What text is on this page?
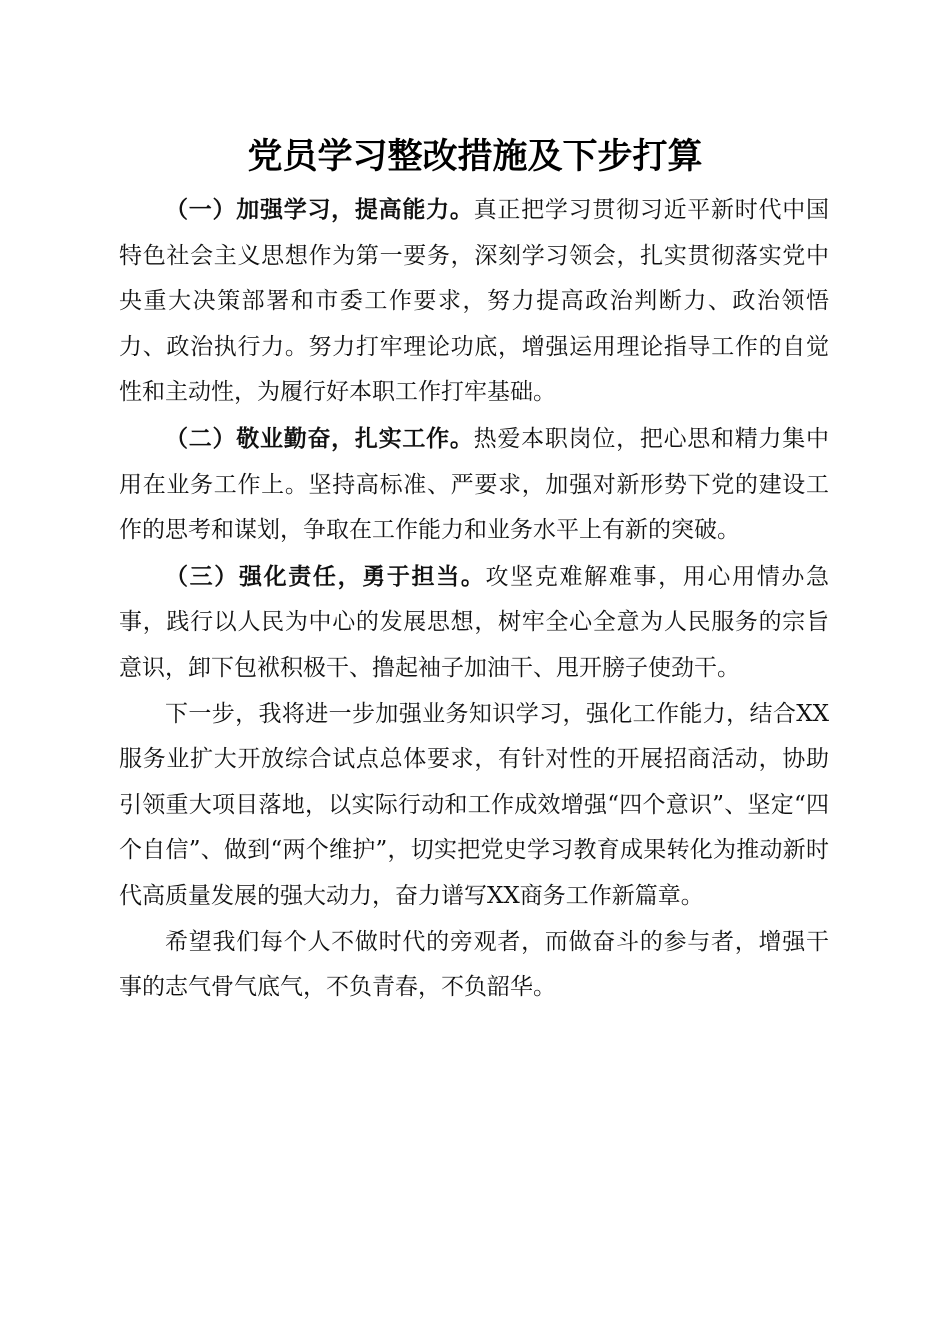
党员学习整改措施及下步打算

（一）加强学习，提高能力。真正把学习贯彻习近平新时代中国特色社会主义思想作为第一要务，深刻学习领会，扎实贯彻落实党中央重大决策部署和市委工作要求，努力提高政治判断力、政治领悟力、政治执行力。努力打牢理论功底，增强运用理论指导工作的自觉性和主动性，为履行好本职工作打牢基础。

（二）敬业勤奋，扎实工作。热爱本职岗位，把心思和精力集中用在业务工作上。坚持高标准、严要求，加强对新形势下党的建设工作的思考和谋划，争取在工作能力和业务水平上有新的突破。

（三）强化责任，勇于担当。攻坚克难解难事，用心用情办急事，践行以人民为中心的发展思想，树牢全心全意为人民服务的宗旨意识，卸下包袱积极干、撸起袖子加油干、甩开膀子使劲干。

下一步，我将进一步加强业务知识学习，强化工作能力，结合XX服务业扩大开放综合试点总体要求，有针对性的开展招商活动，协助引领重大项目落地，以实际行动和工作成效增强“四个意识”、坚定“四个自信”、做到“两个维护”，切实把党史学习教育成果转化为推动新时代高质量发展的强大动力，奋力谱写XX商务工作新篇章。

希望我们每个人不做时代的旁观者，而做奋斗的参与者，增强干事的志气骨气底气，不负青春，不负韶华。
